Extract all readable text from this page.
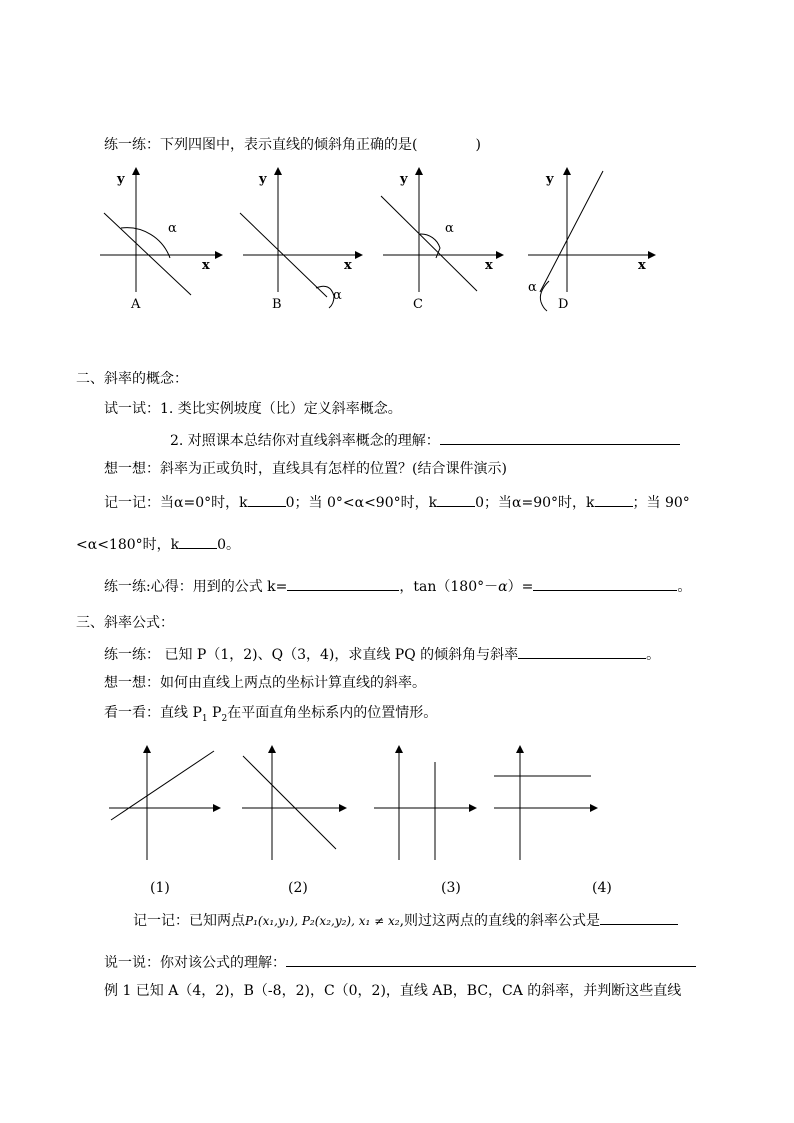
练一练：下列四图中，表示直线的倾斜角正确的是(	)
y
x
α
A
y
x
α
B
y
x
α
C
y
x
α
D
二、斜率的概念：
试一试：1. 类比实例坡度（比）定义斜率概念。
2. 对照课本总结你对直线斜率概念的理解：
想一想：斜率为正或负时，直线具有怎样的位置？(结合课件演示)
记一记：当α=0°时，k	0；当 0°<α<90°时，k	0；当α=90°时，k	；当 90°
<α<180°时，k	0。
练一练:心得：用到的公式 k=	，tan（180°－α）=	。
三、斜率公式：
练一练： 已知 P（1，2)、Q（3，4)，求直线 PQ 的倾斜角与斜率	。
想一想：如何由直线上两点的坐标计算直线的斜率。
看一看：直线 $P_1$ $P_2$在平面直角坐标系内的位置情形。
(1)	(2)	(3)	(4)
记一记：已知两点P₁(x₁,y₁), P₂(x₂,y₂), x₁ ≠ x₂,则过这两点的直线的斜率公式是
说一说：你对该公式的理解：
例 1 已知 A（4，2)，B（-8，2)，C（0，2)，直线 AB，BC，CA 的斜率，并判断这些直线
